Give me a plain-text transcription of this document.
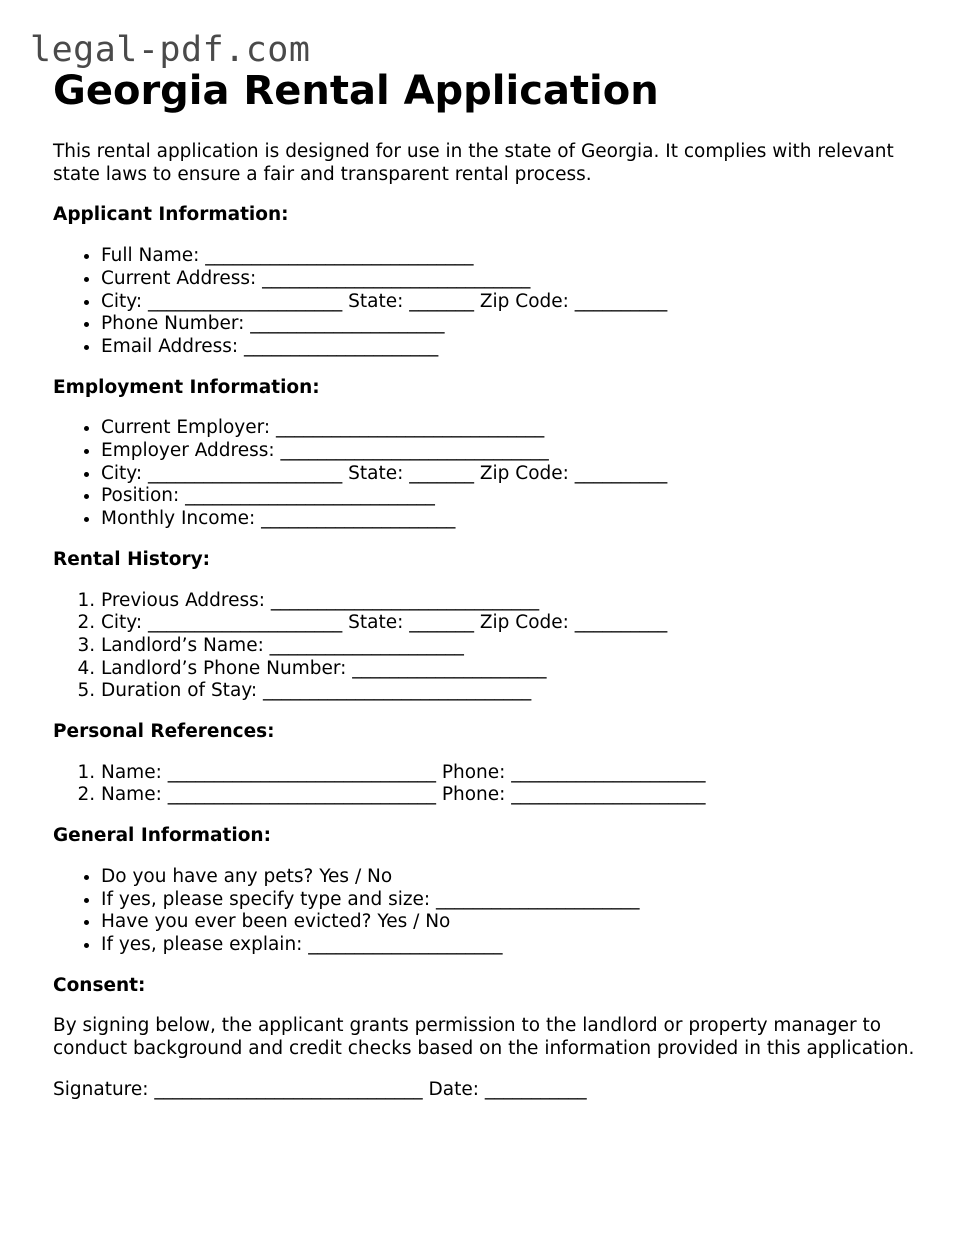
legal-pdf.com
Georgia Rental Application

This rental application is designed for use in the state of Georgia. It complies with relevant state laws to ensure a fair and transparent rental process.

Applicant Information:
• Full Name: _____________________________
• Current Address: _____________________________
• City: _____________________ State: _______ Zip Code: __________
• Phone Number: _____________________
• Email Address: _____________________
Employment Information:
• Current Employer: _____________________________
• Employer Address: _____________________________
• City: _____________________ State: _______ Zip Code: __________
• Position: ___________________________
• Monthly Income: _____________________
Rental History:
1. Previous Address: _____________________________
2. City: _____________________ State: _______ Zip Code: __________
3. Landlord’s Name: _____________________
4. Landlord’s Phone Number: _____________________
5. Duration of Stay: _____________________________
Personal References:
1. Name: _____________________________ Phone: _____________________
2. Name: _____________________________ Phone: _____________________
General Information:
• Do you have any pets? Yes / No
• If yes, please specify type and size: ______________________
• Have you ever been evicted? Yes / No
• If yes, please explain: _____________________
Consent:

By signing below, the applicant grants permission to the landlord or property manager to conduct background and credit checks based on the information provided in this application.

Signature: _____________________________ Date: ___________
